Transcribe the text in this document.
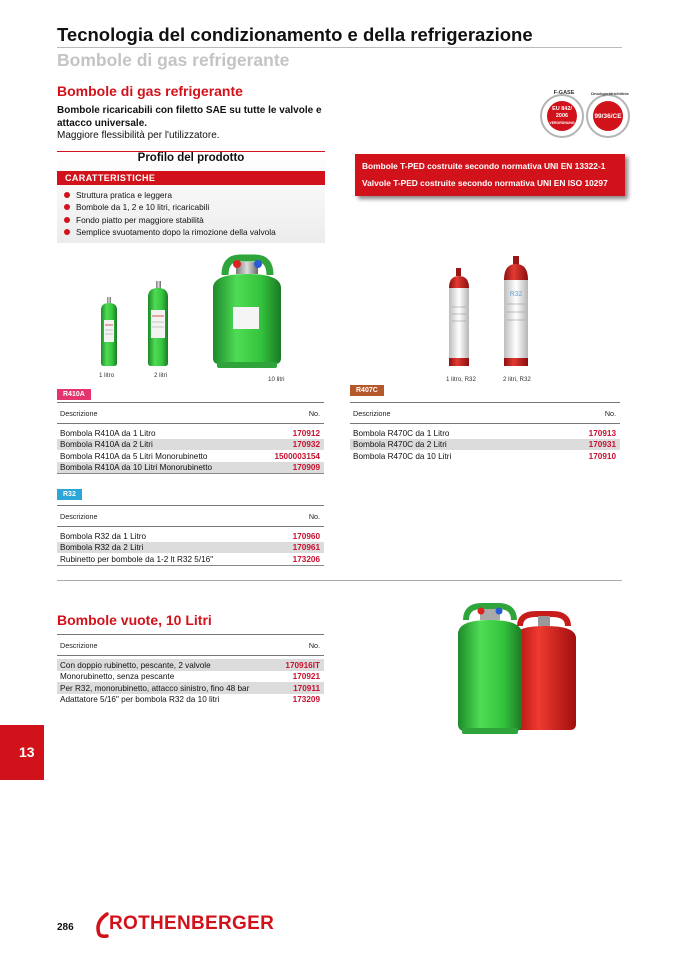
Tecnologia del condizionamento e della refrigerazione
Bombole di gas refrigerante
Bombole di gas refrigerante
Bombole ricaricabili con filetto SAE su tutte le valvole e attacco universale.
Maggiore flessibilità per l'utilizzatore.
F-GASE
EU 842/
2006
VERORDNUNG
Druckgerätrichtlinie
99/36/CE
Profilo del prodotto
CARATTERISTICHE
Struttura pratica e leggera
Bombole da 1, 2 e 10 litri, ricaricabili
Fondo piatto per maggiore stabilità
Semplice svuotamento dopo la rimozione della valvola
Bombole T-PED costruite secondo normativa UNI EN 13322-1
Valvole T-PED costruite secondo normativa UNI EN ISO 10297
1 litro	2 litri
10 litri
R32
1 litro, R32	2 litri, R32
R410A
Descrizione	No.
Bombola R410A da 1 Litro	170912
Bombola R410A da 2 Litri	170932
Bombola R410A da 5 Litri Monorubinetto	1500003154
Bombola R410A da 10 Litri Monorubinetto	170909
R407C
Descrizione	No.
Bombola R470C da 1 Litro	170913
Bombola R470C da 2 Litri	170931
Bombola R470C da 10 Litri	170910
R32
Descrizione	No.
Bombola R32 da 1 Litro	170960
Bombola R32 da 2 Litri	170961
Rubinetto per bombole da 1-2 lt R32 5/16"	173206
Bombole vuote, 10 Litri
Descrizione	No.
Con doppio rubinetto, pescante, 2 valvole	170916IT
Monorubinetto, senza pescante	170921
Per R32, monorubinetto, attacco sinistro, fino 48 bar	170911
Adattatore 5/16" per bombola R32 da 10 litri	173209
13
286 ROTHENBERGER
